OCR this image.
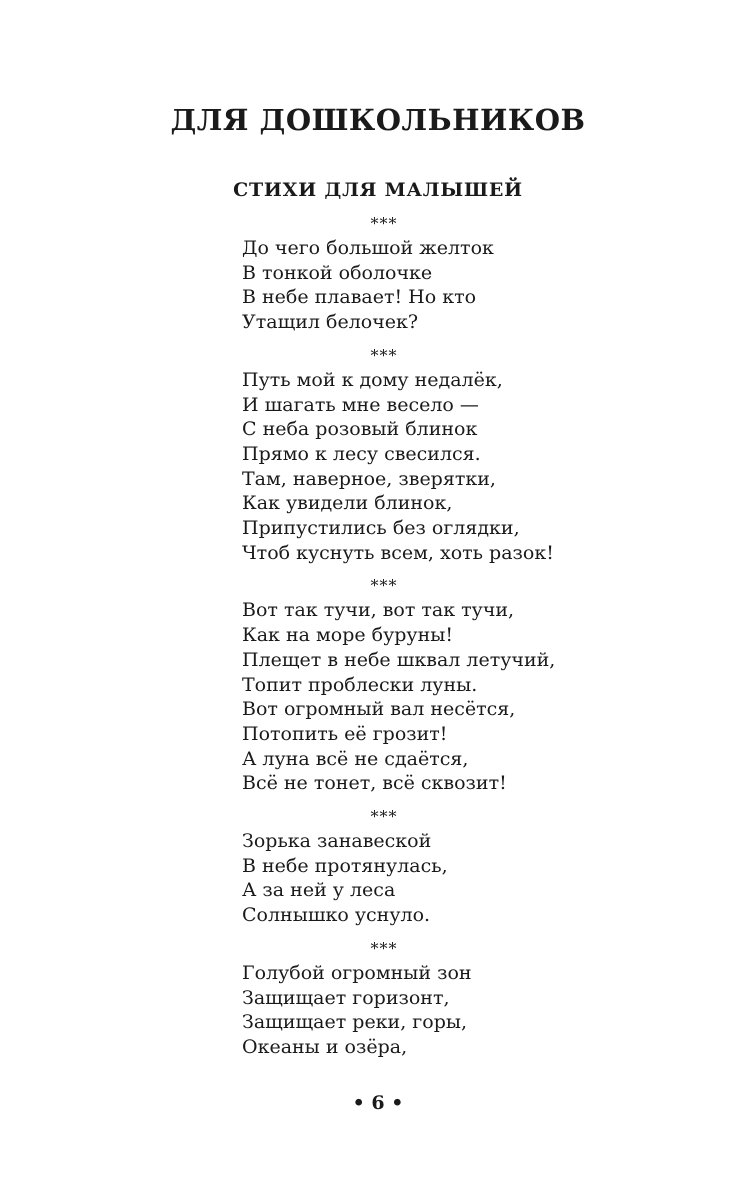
ДЛЯ ДОШКОЛЬНИКОВ
СТИХИ ДЛЯ МАЛЫШЕЙ
***
До чего большой желток
В тонкой оболочке
В небе плавает! Но кто
Утащил белочек?
***
Путь мой к дому недалёк,
И шагать мне весело —
С неба розовый блинок
Прямо к лесу свесился.
Там, наверное, зверятки,
Как увидели блинок,
Припустились без оглядки,
Чтоб куснуть всем, хоть разок!
***
Вот так тучи, вот так тучи,
Как на море буруны!
Плещет в небе шквал летучий,
Топит проблески луны.
Вот огромный вал несётся,
Потопить её грозит!
А луна всё не сдаётся,
Всё не тонет, всё сквозит!
***
Зорька занавеской
В небе протянулась,
А за ней у леса
Солнышко уснуло.
***
Голубой огромный зон
Защищает горизонт,
Защищает реки, горы,
Океаны и озёра,
• 6 •
